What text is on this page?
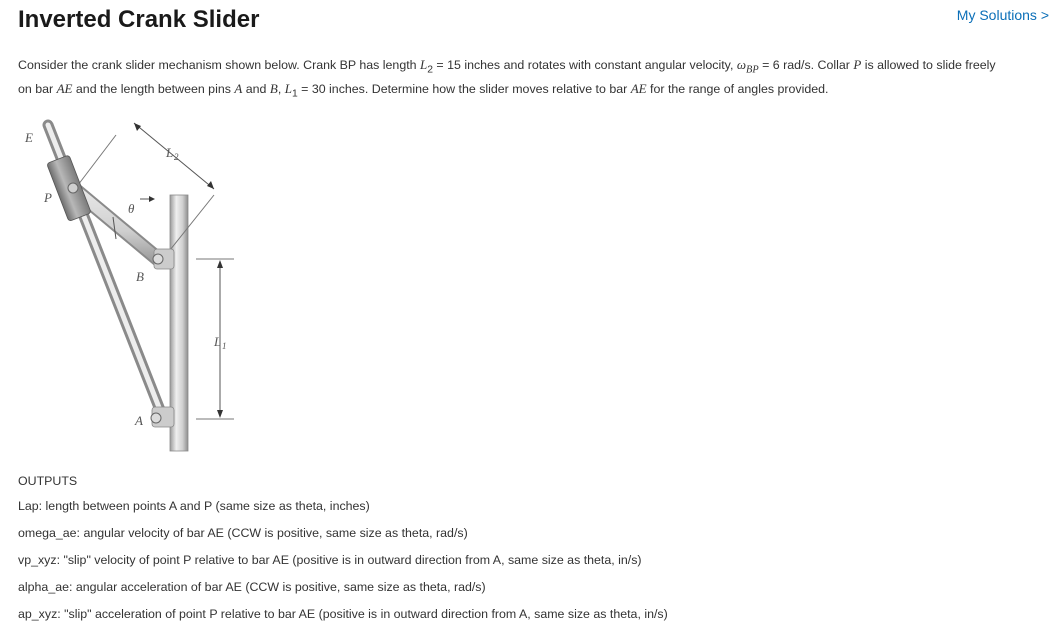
Inverted Crank Slider	My Solutions >

Consider the crank slider mechanism shown below. Crank BP has length $L_2 = 15$ inches and rotates with constant angular velocity, $\omega_{BP} = 6$ rad/s. Collar P is allowed to slide freely
on bar AE and the length between pins A and B, $L_1 = 30$ inches. Determine how the slider moves relative to bar AE for the range of angles provided.

E
P
θ
L 2
B
L 1
A

OUTPUTS

Lap: length between points A and P (same size as theta, inches)

omega_ae: angular velocity of bar AE (CCW is positive, same size as theta, rad/s)

vp_xyz: "slip" velocity of point P relative to bar AE (positive is in outward direction from A, same size as theta, in/s)

alpha_ae: angular acceleration of bar AE (CCW is positive, same size as theta, rad/s)

ap_xyz: "slip" acceleration of point P relative to bar AE (positive is in outward direction from A, same size as theta, in/s)
